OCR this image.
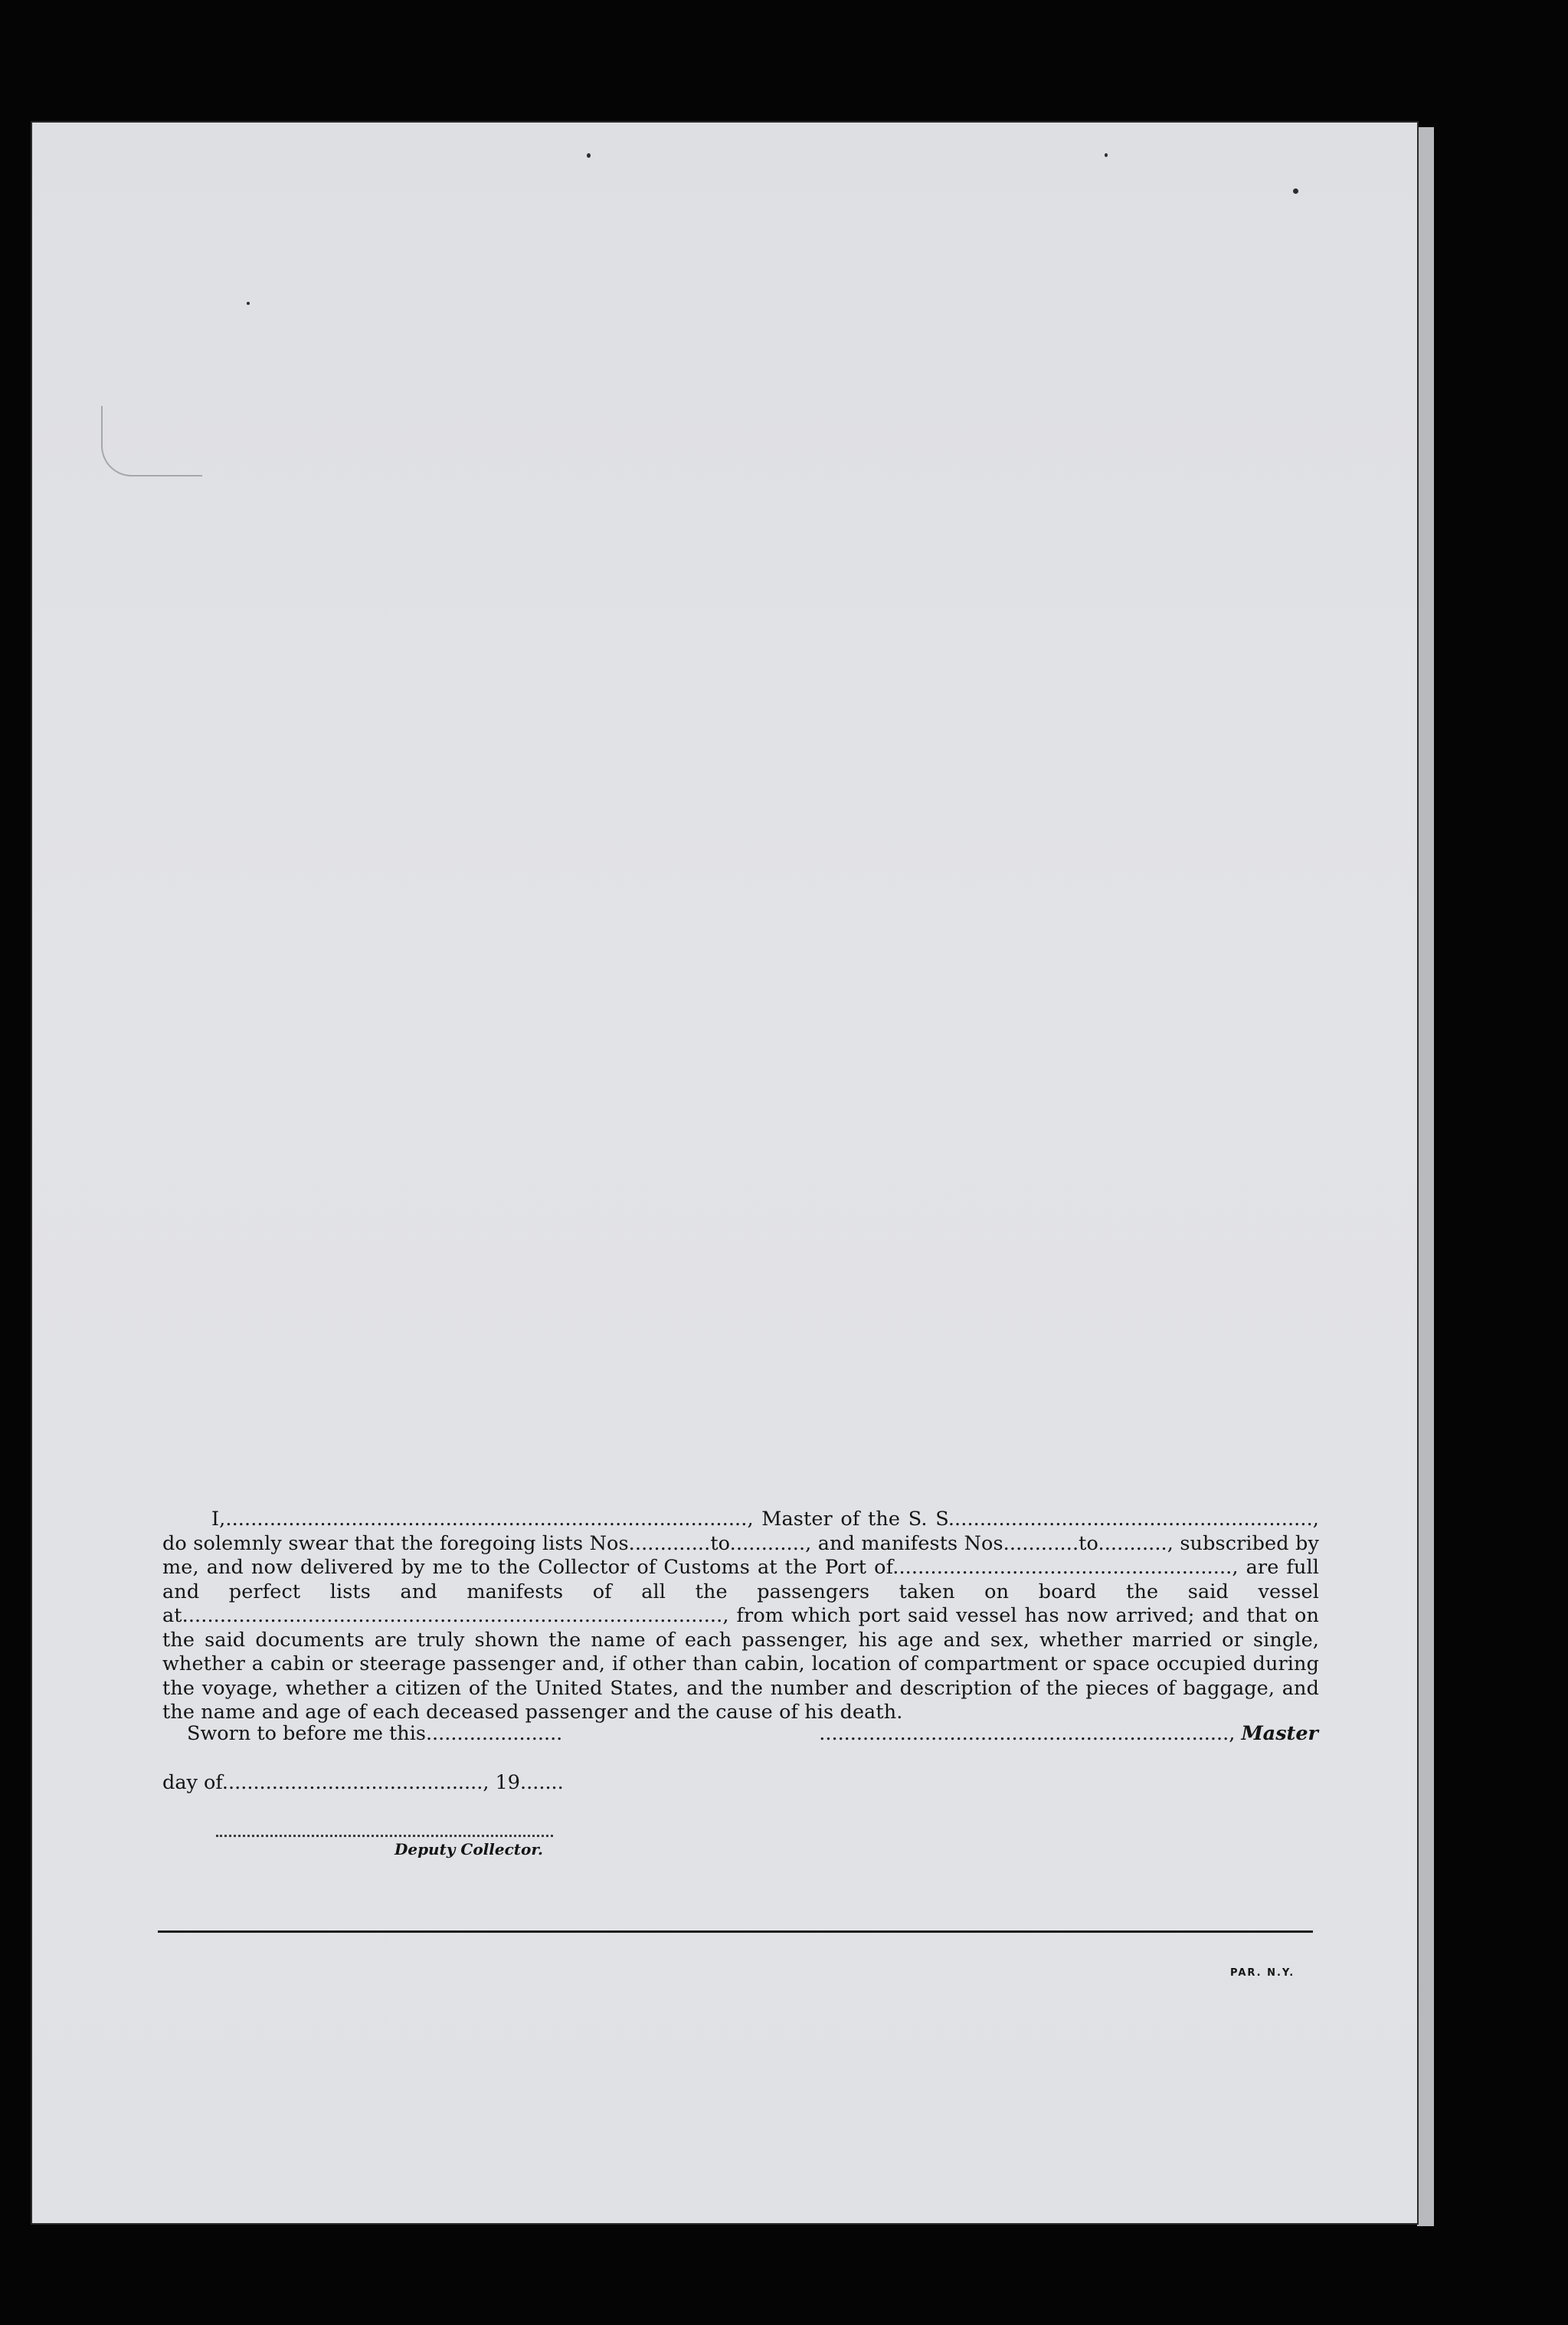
I,..................................................................................., Master of the S. S.........................................................., do solemnly swear that the foregoing lists Nos.............to............, and manifests Nos............to..........., subscribed by me, and now delivered by me to the Collector of Customs at the Port of......................................................, are full and perfect lists and manifests of all the passengers taken on board the said vessel at......................................................................................, from which port said vessel has now arrived; and that on the said documents are truly shown the name of each passenger, his age and sex, whether married or single, whether a cabin or steerage passenger and, if other than cabin, location of compartment or space occupied during the voyage, whether a citizen of the United States, and the number and description of the pieces of baggage, and the name and age of each deceased passenger and the cause of his death.

Sworn to before me this......................	.................................................................., Master
day of.........................................., 19.......
Deputy Collector.
PAR. N.Y.
